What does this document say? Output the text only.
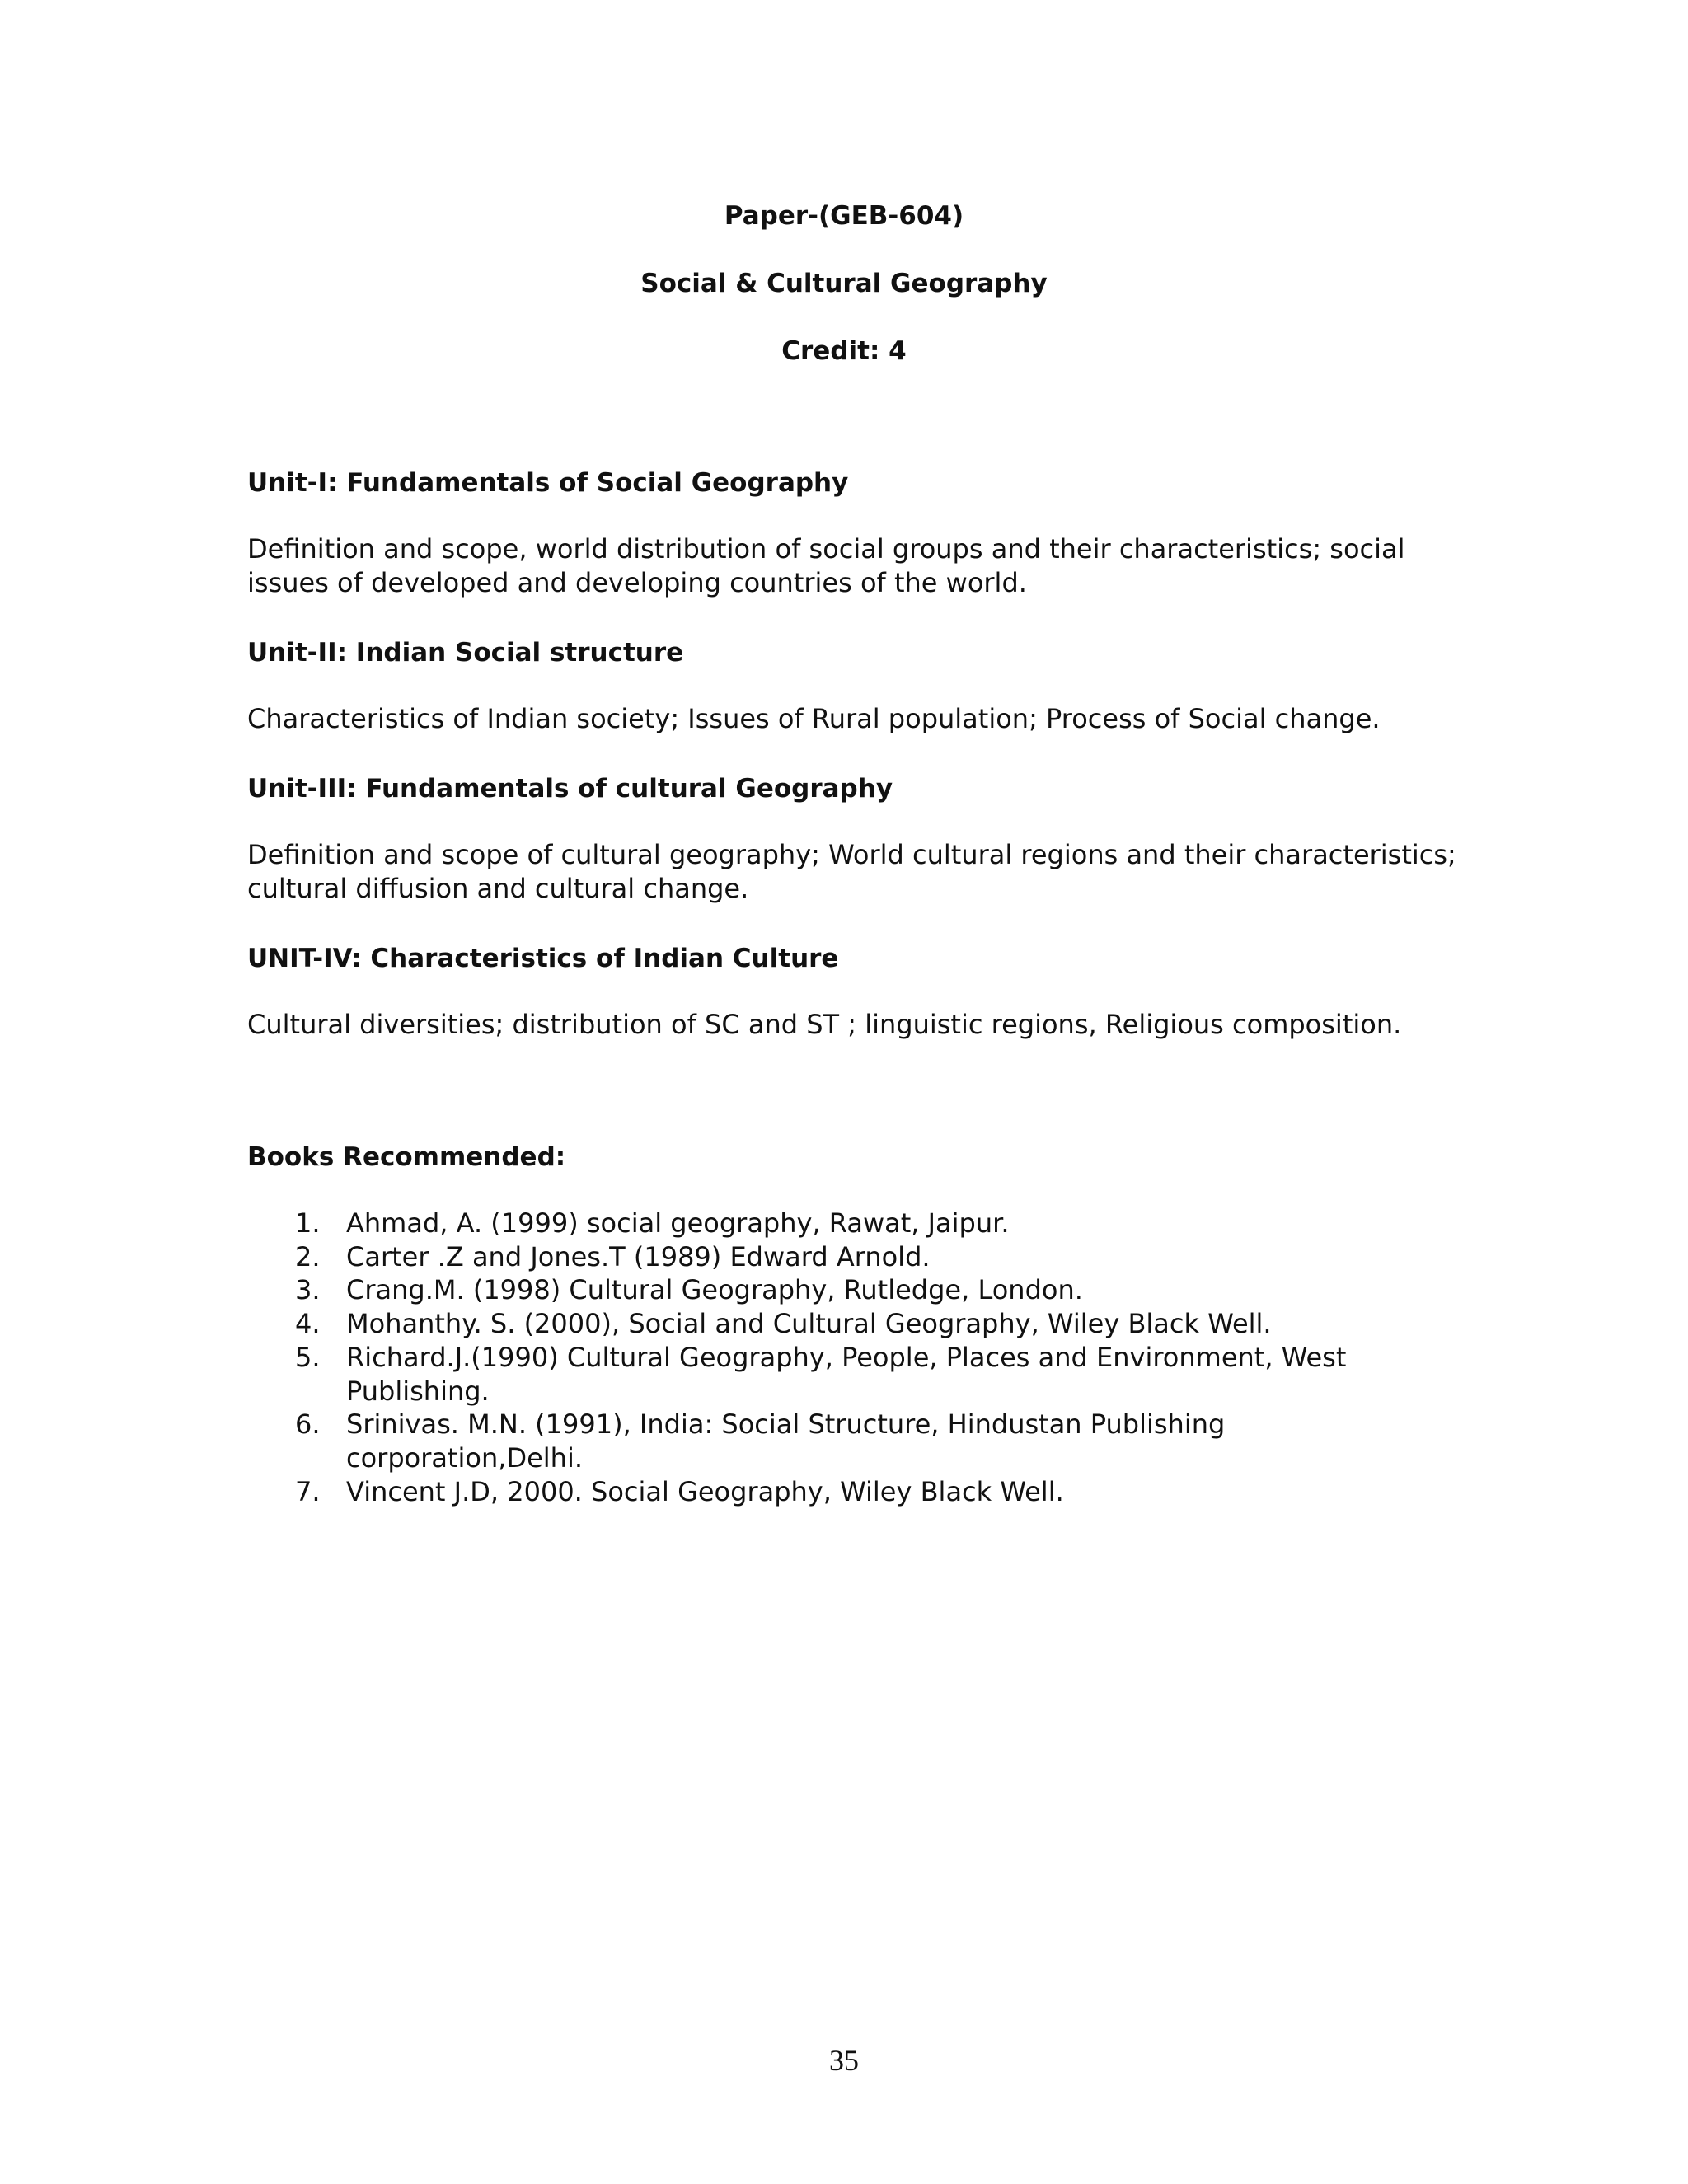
Paper-(GEB-604)
Social & Cultural Geography
Credit: 4

Unit-I: Fundamentals of Social Geography

Definition and scope, world distribution of social groups and their characteristics; social issues of developed and developing countries of the world.

Unit-II: Indian Social structure

Characteristics of Indian society; Issues of Rural population; Process of Social change.

Unit-III: Fundamentals of cultural Geography

Definition and scope of cultural geography; World cultural regions and their characteristics; cultural diffusion and cultural change.

UNIT-IV: Characteristics of Indian Culture

Cultural diversities; distribution of SC and ST ; linguistic regions, Religious composition.

Books Recommended:

1. Ahmad, A. (1999) social geography, Rawat, Jaipur.
2. Carter .Z and Jones.T (1989) Edward Arnold.
3. Crang.M. (1998) Cultural Geography, Rutledge, London.
4. Mohanthy. S. (2000), Social and Cultural Geography, Wiley Black Well.
5. Richard.J.(1990) Cultural Geography, People, Places and Environment, West Publishing.
6. Srinivas. M.N. (1991), India: Social Structure, Hindustan Publishing corporation,Delhi.
7. Vincent J.D, 2000. Social Geography, Wiley Black Well.
35
